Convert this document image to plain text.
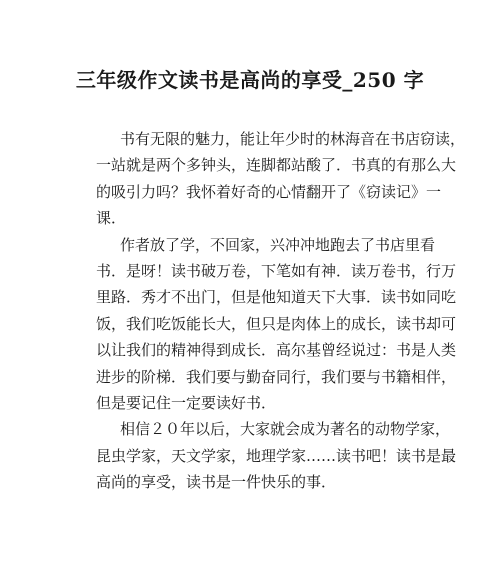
三年级作文读书是高尚的享受_250 字
书有无限的魅力，能让年少时的林海音在书店窃读，
一站就是两个多钟头，连脚都站酸了．书真的有那么大
的吸引力吗？我怀着好奇的心情翻开了《窃读记》一
课．
作者放了学，不回家，兴冲冲地跑去了书店里看
书．是呀！读书破万卷，下笔如有神．读万卷书，行万
里路．秀才不出门，但是他知道天下大事．读书如同吃
饭，我们吃饭能长大，但只是肉体上的成长，读书却可
以让我们的精神得到成长．高尔基曾经说过：书是人类
进步的阶梯．我们要与勤奋同行，我们要与书籍相伴，
但是要记住一定要读好书．
相信２０年以后，大家就会成为著名的动物学家，
昆虫学家，天文学家，地理学家……读书吧！读书是最
高尚的享受，读书是一件快乐的事．
